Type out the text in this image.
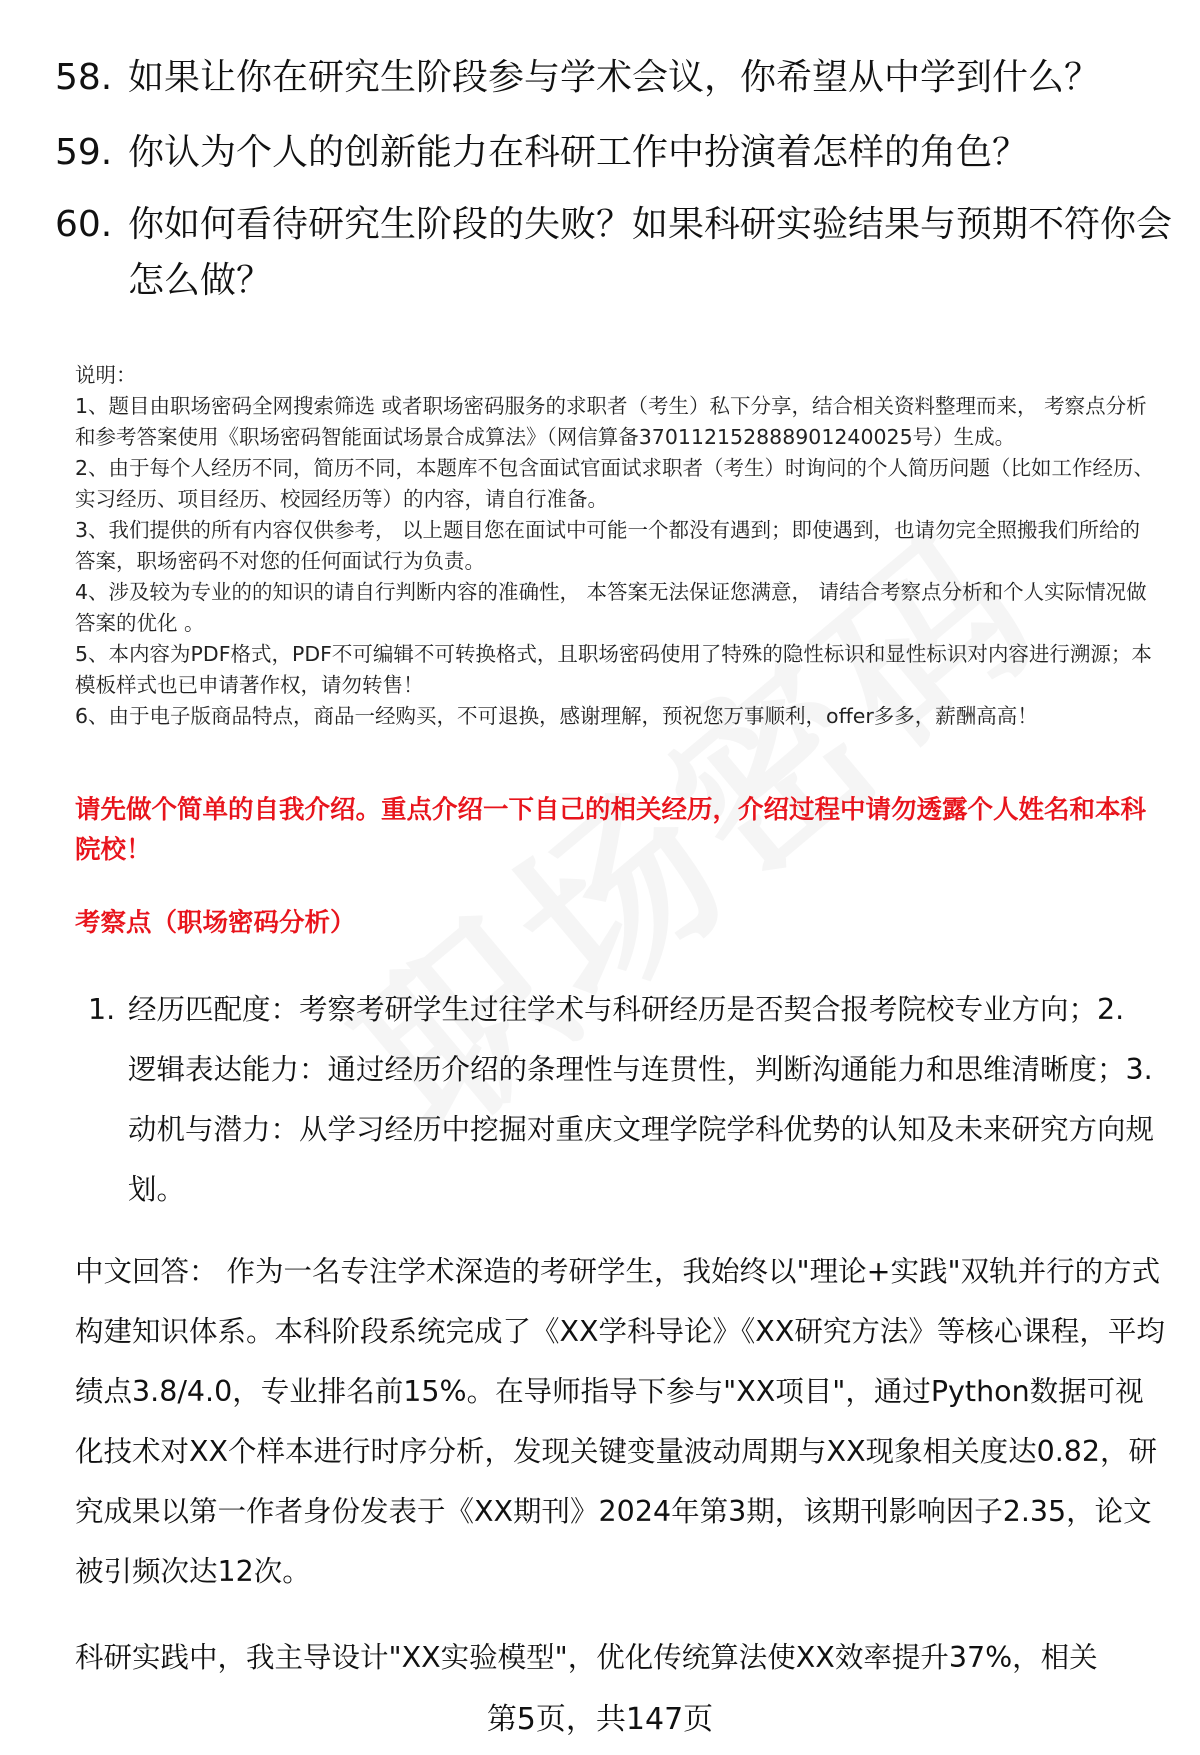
58. 如果让你在研究生阶段参与学术会议，你希望从中学到什么？
59. 你认为个人的创新能力在科研工作中扮演着怎样的角色？
60. 你如何看待研究生阶段的失败？如果科研实验结果与预期不符你会怎么做？
说明：
1、题目由职场密码全网搜索筛选 或者职场密码服务的求职者（考生）私下分享，结合相关资料整理而来， 考察点分析和参考答案使用《职场密码智能面试场景合成算法》（网信算备370112152888901240025号）生成。
2、由于每个人经历不同，简历不同，本题库不包含面试官面试求职者（考生）时询问的个人简历问题（比如工作经历、实习经历、项目经历、校园经历等）的内容，请自行准备。
3、我们提供的所有内容仅供参考， 以上题目您在面试中可能一个都没有遇到；即使遇到，也请勿完全照搬我们所给的答案，职场密码不对您的任何面试行为负责。
4、涉及较为专业的的知识的请自行判断内容的准确性， 本答案无法保证您满意， 请结合考察点分析和个人实际情况做答案的优化 。
5、本内容为PDF格式，PDF不可编辑不可转换格式，且职场密码使用了特殊的隐性标识和显性标识对内容进行溯源；本模板样式也已申请著作权，请勿转售！
6、由于电子版商品特点，商品一经购买，不可退换，感谢理解，预祝您万事顺利，offer多多，薪酬高高！
请先做个简单的自我介绍。重点介绍一下自己的相关经历，介绍过程中请勿透露个人姓名和本科院校！
考察点（职场密码分析）
1. 经历匹配度：考察考研学生过往学术与科研经历是否契合报考院校专业方向；2. 逻辑表达能力：通过经历介绍的条理性与连贯性，判断沟通能力和思维清晰度；3. 动机与潜力：从学习经历中挖掘对重庆文理学院学科优势的认知及未来研究方向规划。
中文回答： 作为一名专注学术深造的考研学生，我始终以"理论+实践"双轨并行的方式构建知识体系。本科阶段系统完成了《XX学科导论》《XX研究方法》等核心课程，平均绩点3.8/4.0，专业排名前15%。在导师指导下参与"XX项目"，通过Python数据可视化技术对XX个样本进行时序分析，发现关键变量波动周期与XX现象相关度达0.82，研究成果以第一作者身份发表于《XX期刊》2024年第3期，该期刊影响因子2.35，论文被引频次达12次。
科研实践中，我主导设计"XX实验模型"，优化传统算法使XX效率提升37%，相关
第5页，共147页
